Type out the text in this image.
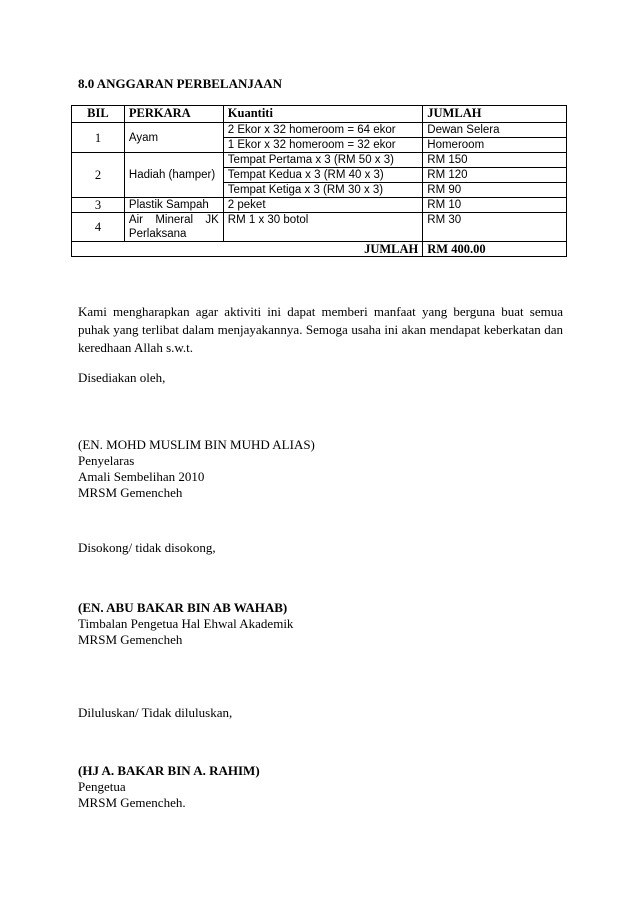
8.0 ANGGARAN PERBELANJAAN
BIL	PERKARA	Kuantiti	JUMLAH
1	Ayam	2 Ekor x 32 homeroom = 64 ekor	Dewan Selera
		1 Ekor x 32 homeroom = 32 ekor	Homeroom
2	Hadiah (hamper)	Tempat Pertama x 3 (RM 50 x 3)	RM 150
		Tempat Kedua x 3 (RM 40 x 3)	RM 120
		Tempat Ketiga x 3 (RM 30 x 3)	RM 90
3	Plastik Sampah	2 peket	RM 10
4	Air Mineral JK Perlaksana	RM 1 x 30 botol	RM 30
JUMLAH			RM 400.00
Kami mengharapkan agar aktiviti ini dapat memberi manfaat yang berguna buat semua puhak yang terlibat dalam menjayakannya. Semoga usaha ini akan mendapat keberkatan dan keredhaan Allah s.w.t.
Disediakan oleh,
(EN. MOHD MUSLIM BIN MUHD ALIAS)
Penyelaras
Amali Sembelihan 2010
MRSM Gemencheh
Disokong/ tidak disokong,
(EN. ABU BAKAR BIN AB WAHAB)
Timbalan Pengetua Hal Ehwal Akademik
MRSM Gemencheh
Diluluskan/ Tidak diluluskan,
(HJ A. BAKAR BIN A. RAHIM)
Pengetua
MRSM Gemencheh.
